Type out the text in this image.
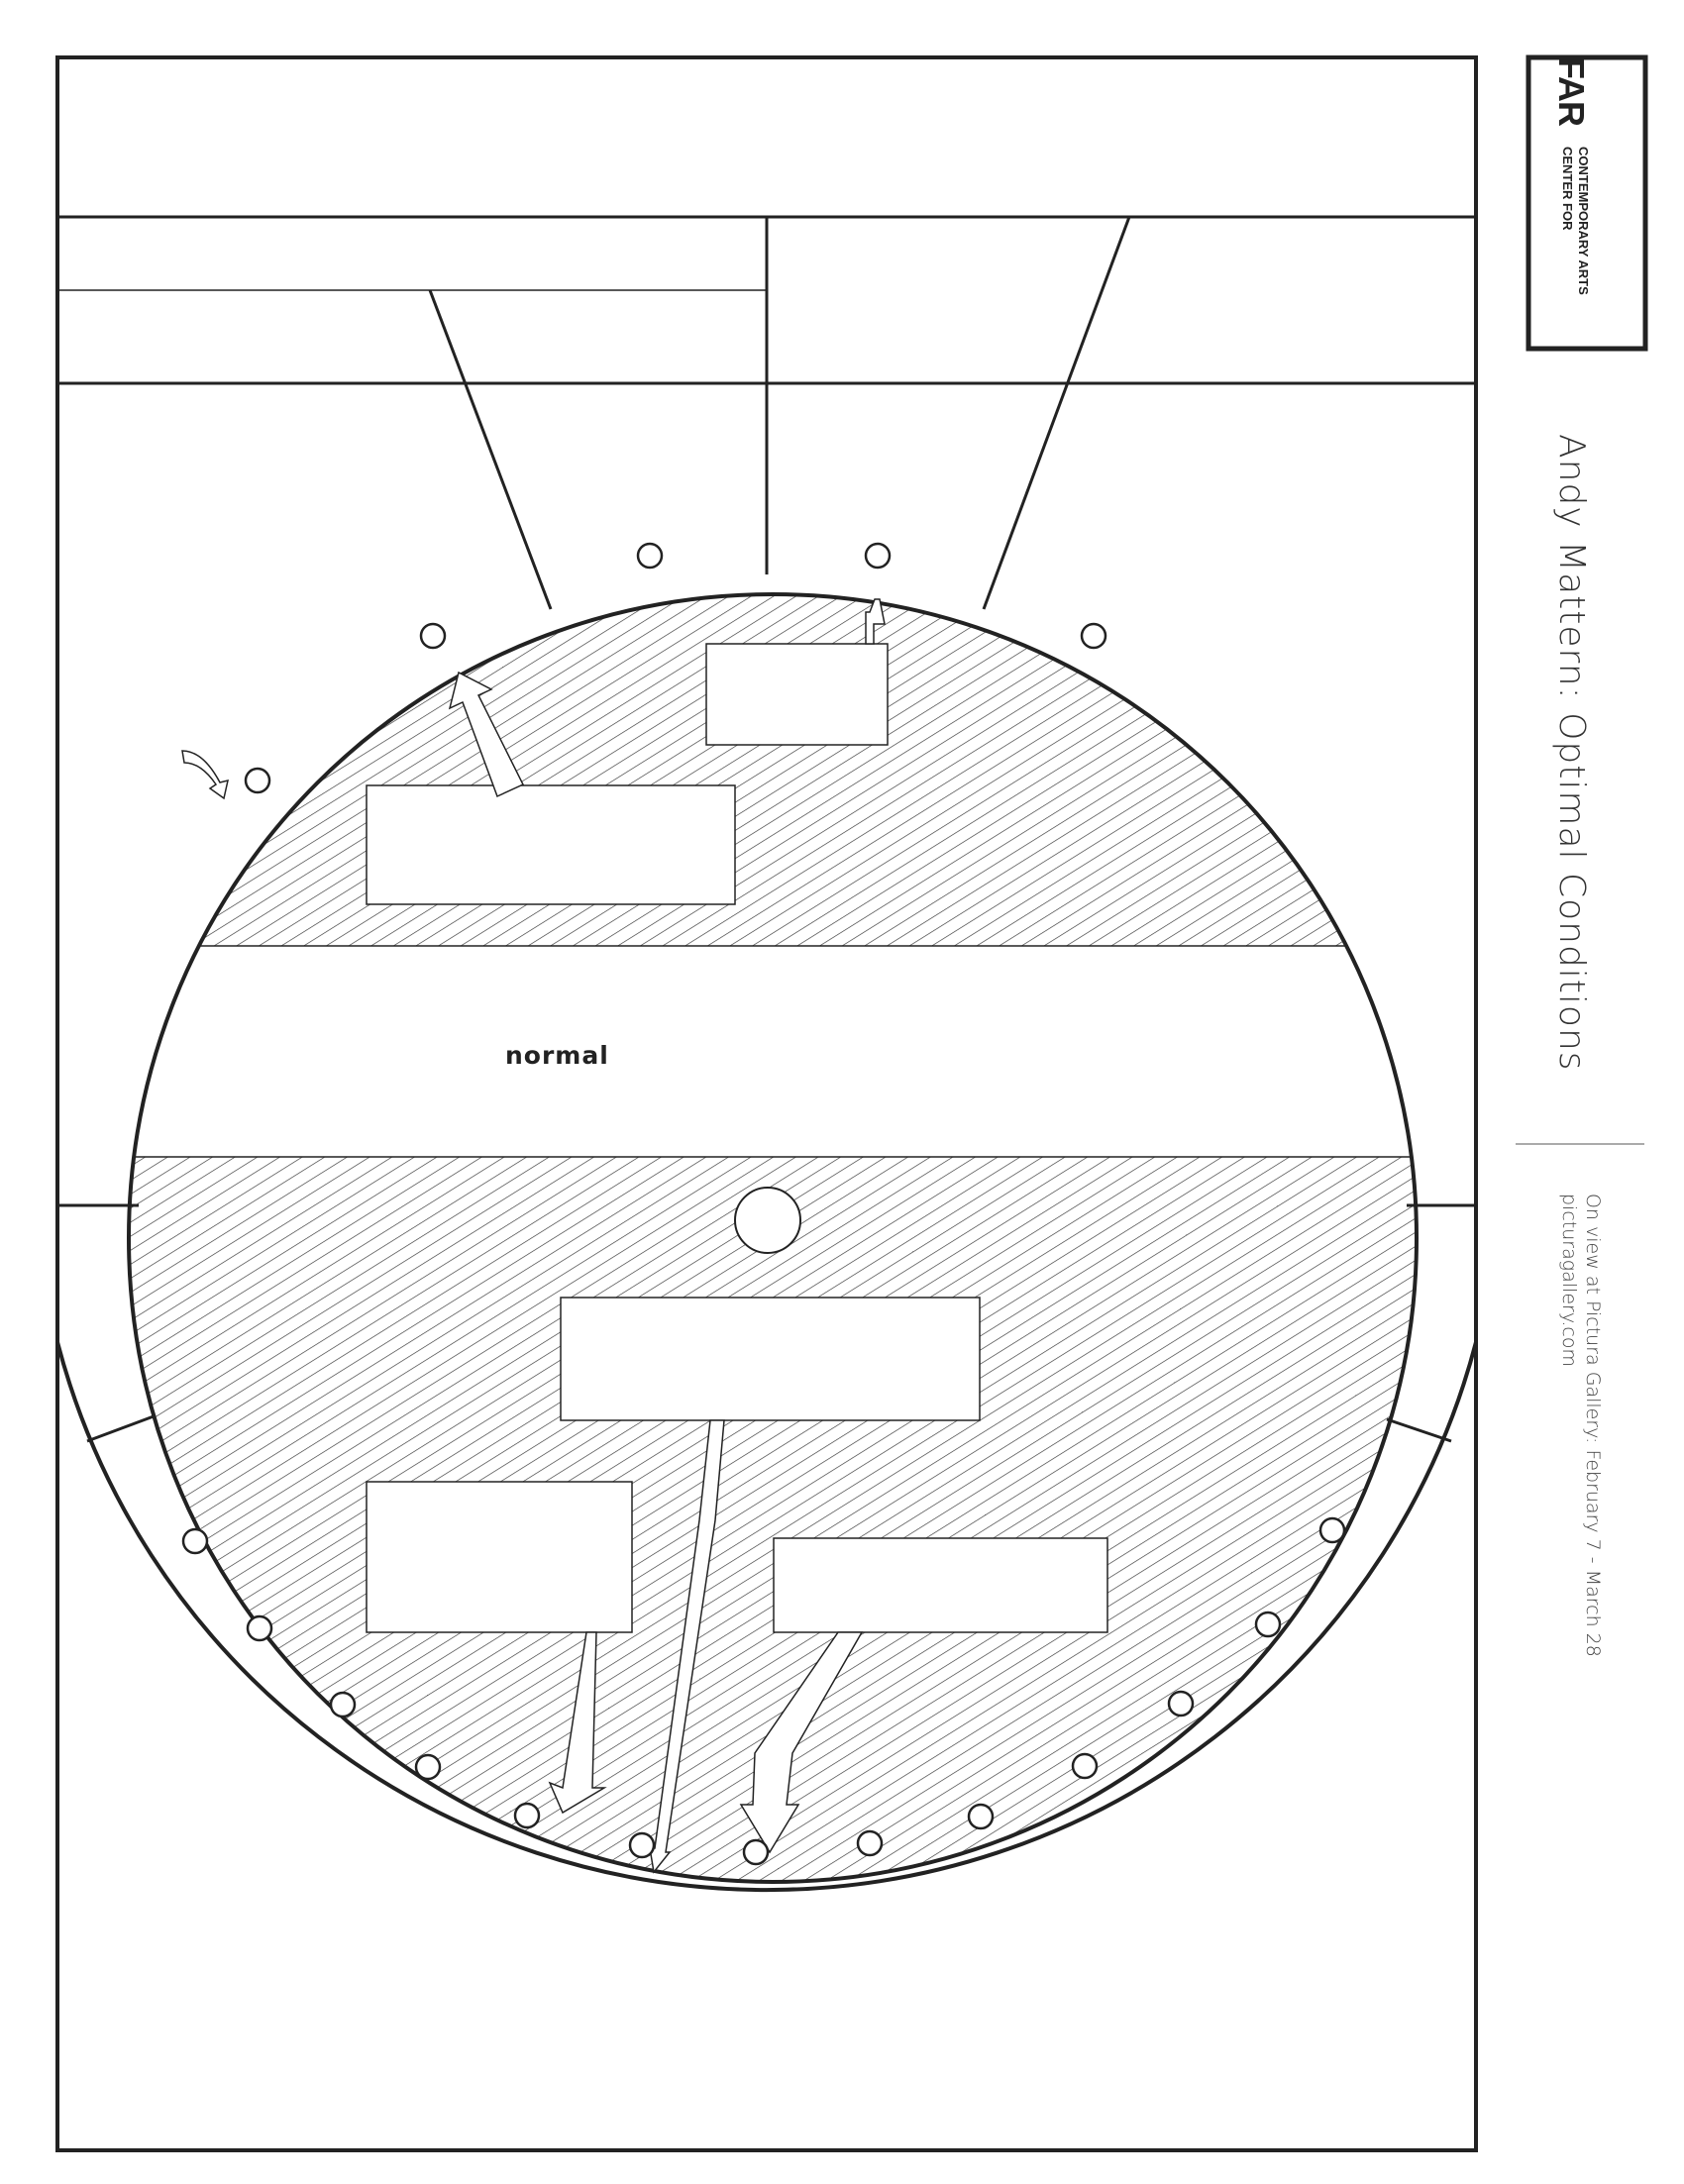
normal
FAR
CENTER FOR CONTEMPORARY ARTS
Andy Mattern: Optimal Conditions
On view at Pictura Gallery: February 7 - March 28
picturagallery.com
